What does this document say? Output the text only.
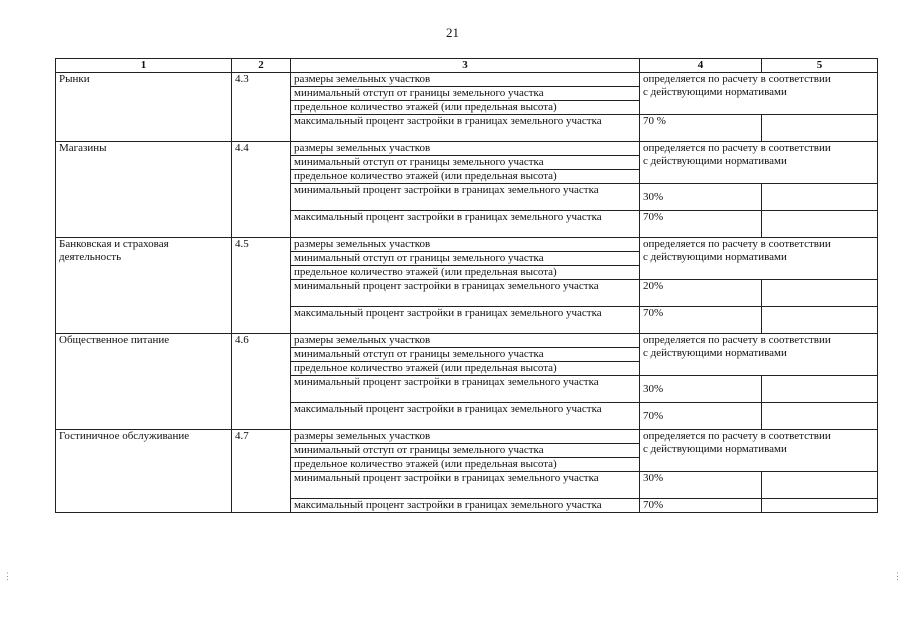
21
1	2	3	4	5
Рынки	4.3	размеры земельных участков	определяется по расчету в соответствии
с действующими нормативами	

		минимальный отступ от границы земельного участка		
		предельное количество этажей (или предельная высота)		
		максимальный процент застройки в границах земельного участка	70 %	
Магазины	4.4	размеры земельных участков	определяется по расчету в соответствии
с действующими нормативами	

		минимальный отступ от границы земельного участка		
		предельное количество этажей (или предельная высота)		
		минимальный процент застройки в границах земельного участка	30%	
		максимальный процент застройки в границах земельного участка	70%	
Банковская и страховая деятельность	4.5	размеры земельных участков	определяется по расчету в соответствии
с действующими нормативами	

		минимальный отступ от границы земельного участка		
		предельное количество этажей (или предельная высота)		
		минимальный процент застройки в границах земельного участка	20%	
		максимальный процент застройки в границах земельного участка	70%	
Общественное питание	4.6	размеры земельных участков	определяется по расчету в соответствии
с действующими нормативами	

		минимальный отступ от границы земельного участка		
		предельное количество этажей (или предельная высота)		
		минимальный процент застройки в границах земельного участка	30%	
		максимальный процент застройки в границах земельного участка	70%	
Гостиничное обслуживание	4.7	размеры земельных участков	определяется по расчету в соответствии
с действующими нормативами	

		минимальный отступ от границы земельного участка		
		предельное количество этажей (или предельная высота)		
		минимальный процент застройки в границах земельного участка	30%	
		максимальный процент застройки в границах земельного участка	70%	
⋮	⋮
